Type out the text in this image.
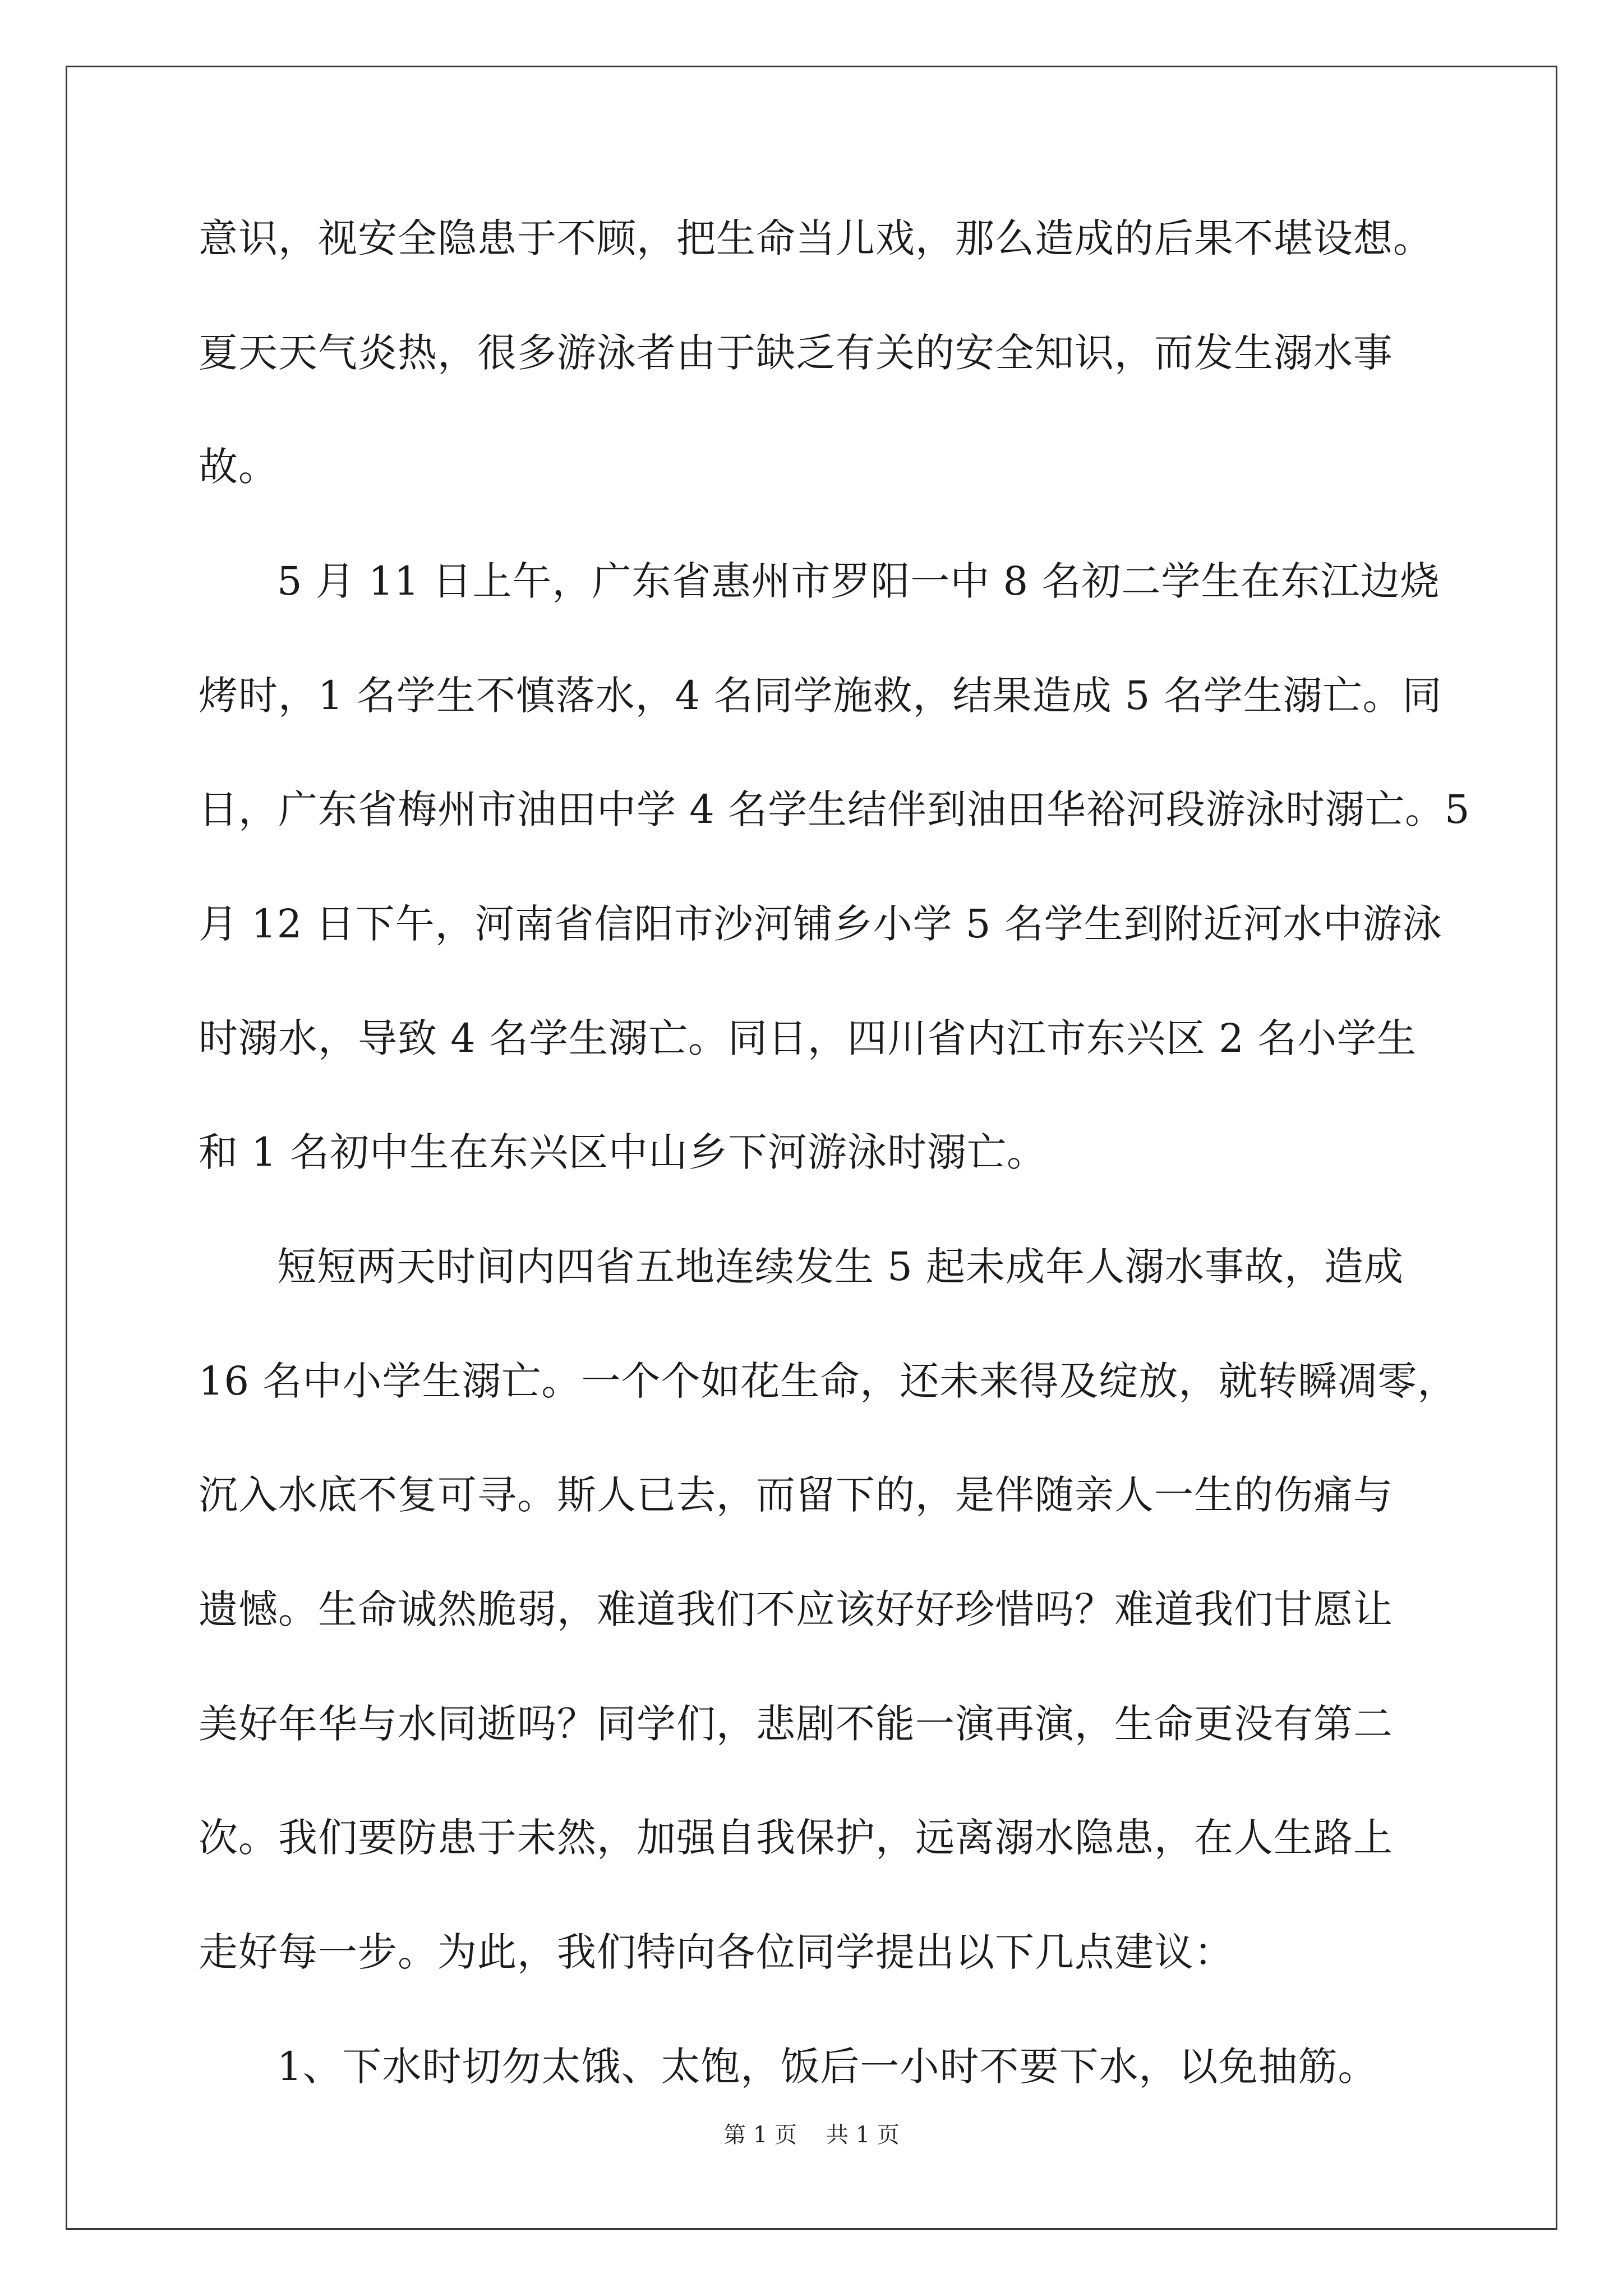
意识，视安全隐患于不顾，把生命当儿戏，那么造成的后果不堪设想。
夏天天气炎热，很多游泳者由于缺乏有关的安全知识，而发生溺水事
故。
5 月 11 日上午，广东省惠州市罗阳一中 8 名初二学生在东江边烧
烤时，1 名学生不慎落水，4 名同学施救，结果造成 5 名学生溺亡。同
日，广东省梅州市油田中学 4 名学生结伴到油田华裕河段游泳时溺亡。5
月 12 日下午，河南省信阳市沙河铺乡小学 5 名学生到附近河水中游泳
时溺水，导致 4 名学生溺亡。同日，四川省内江市东兴区 2 名小学生
和 1 名初中生在东兴区中山乡下河游泳时溺亡。
短短两天时间内四省五地连续发生 5 起未成年人溺水事故，造成
16 名中小学生溺亡。一个个如花生命，还未来得及绽放，就转瞬凋零，
沉入水底不复可寻。斯人已去，而留下的，是伴随亲人一生的伤痛与
遗憾。生命诚然脆弱，难道我们不应该好好珍惜吗？难道我们甘愿让
美好年华与水同逝吗？同学们，悲剧不能一演再演，生命更没有第二
次。我们要防患于未然，加强自我保护，远离溺水隐患，在人生路上
走好每一步。为此，我们特向各位同学提出以下几点建议：
1、下水时切勿太饿、太饱，饭后一小时不要下水，以免抽筋。
第 1 页 共 1 页
